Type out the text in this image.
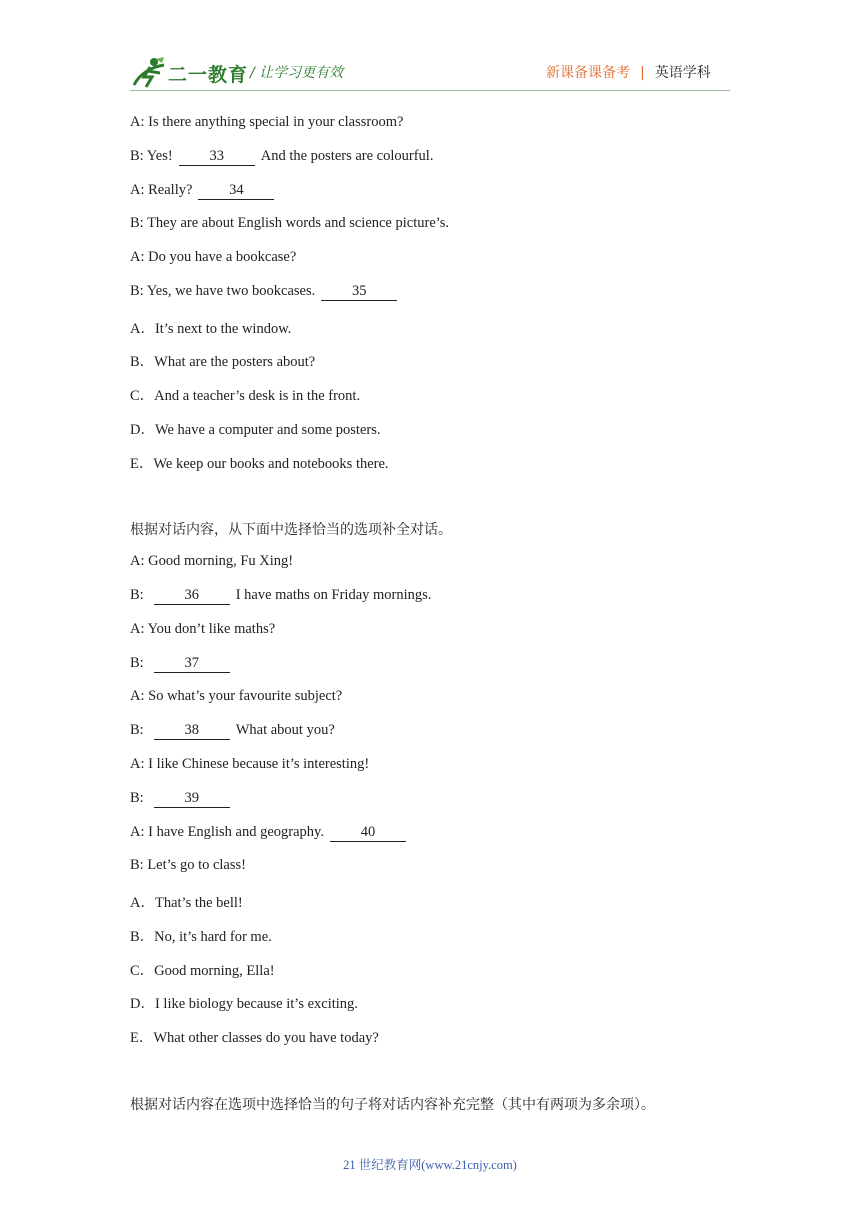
二一教育 / 让学习更有效	新课备课备考 | 英语学科
A: Is there anything special in your classroom?
B: Yes!	33	And the posters are colourful.
A: Really?	34
B: They are about English words and science picture’s.
A: Do you have a bookcase?
B: Yes, we have two bookcases.	35
A．It’s next to the window.
B．What are the posters about?
C．And a teacher’s desk is in the front.
D．We have a computer and some posters.
E．We keep our books and notebooks there.
根据对话内容，从下面中选择恰当的选项补全对话。
A: Good morning, Fu Xing!
B:	36	I have maths on Friday mornings.
A: You don’t like maths?
B:	37
A: So what’s your favourite subject?
B:	38	What about you?
A: I like Chinese because it’s interesting!
B:	39
A: I have English and geography.	40
B: Let’s go to class!
A．That’s the bell!
B．No, it’s hard for me.
C．Good morning, Ella!
D．I like biology because it’s exciting.
E．What other classes do you have today?
根据对话内容在选项中选择恰当的句子将对话内容补充完整（其中有两项为多余项）。
21 世纪教育网(www.21cnjy.com)
